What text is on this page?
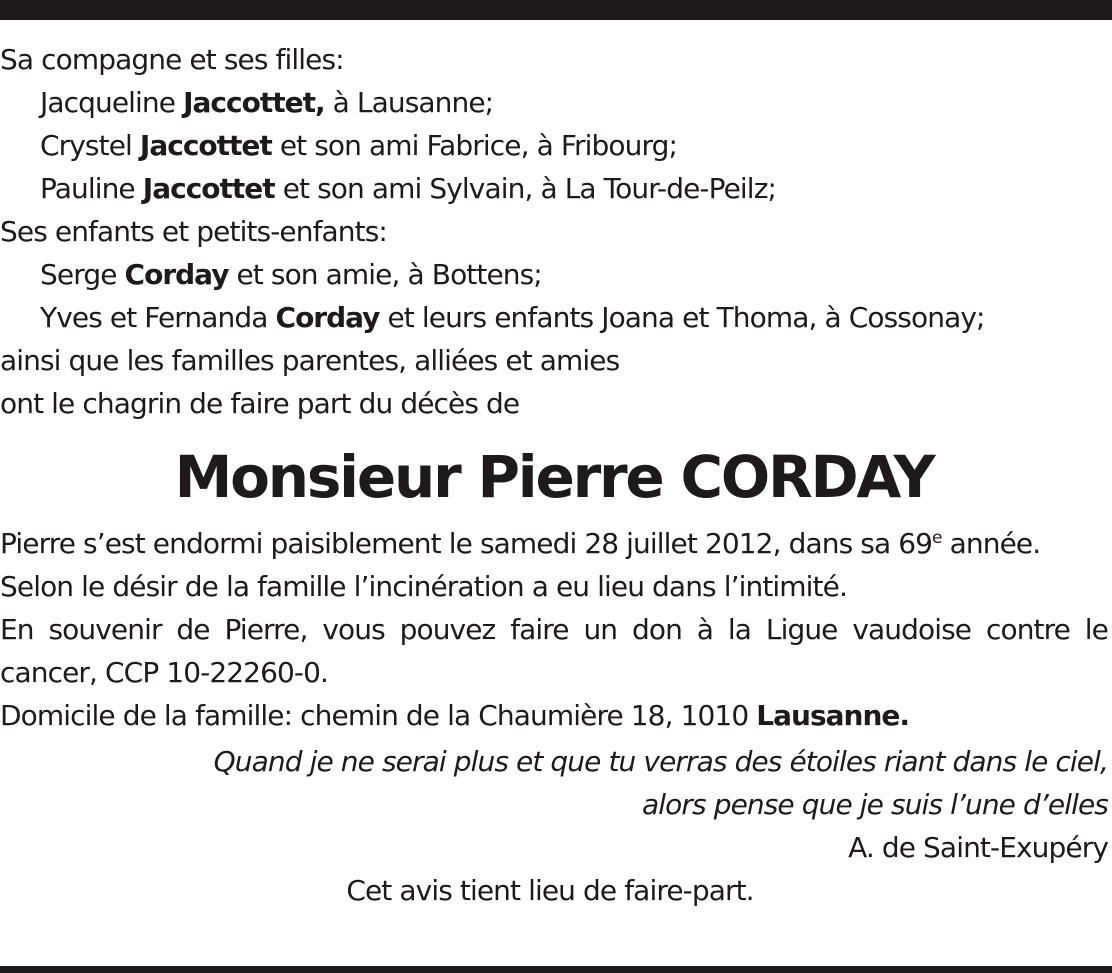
Sa compagne et ses filles:
Jacqueline Jaccottet, à Lausanne;
Crystel Jaccottet et son ami Fabrice, à Fribourg;
Pauline Jaccottet et son ami Sylvain, à La Tour-de-Peilz;
Ses enfants et petits-enfants:
Serge Corday et son amie, à Bottens;
Yves et Fernanda Corday et leurs enfants Joana et Thoma, à Cossonay;
ainsi que les familles parentes, alliées et amies
ont le chagrin de faire part du décès de
Monsieur Pierre CORDAY
Pierre s’est endormi paisiblement le samedi 28 juillet 2012, dans sa 69e année.
Selon le désir de la famille l’incinération a eu lieu dans l’intimité.
En souvenir de Pierre, vous pouvez faire un don à la Ligue vaudoise contre le cancer, CCP 10-22260-0.
Domicile de la famille: chemin de la Chaumière 18, 1010 Lausanne.
Quand je ne serai plus et que tu verras des étoiles riant dans le ciel,
alors pense que je suis l’une d’elles
A. de Saint-Exupéry
Cet avis tient lieu de faire-part.
